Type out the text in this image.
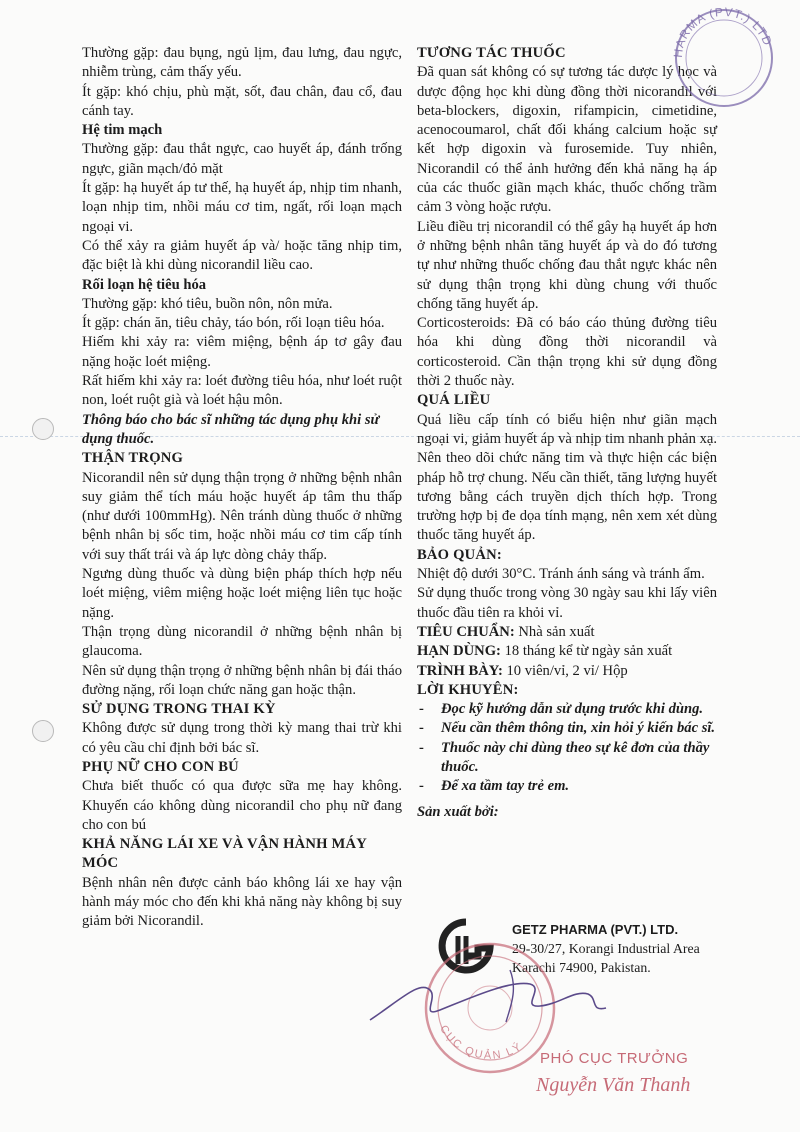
Thường gặp: đau bụng, ngủ lịm, đau lưng, đau ngực, nhiễm trùng, cảm thấy yếu.

Ít gặp: khó chịu, phù mặt, sốt, đau chân, đau cổ, đau cánh tay.

Hệ tim mạch

Thường gặp: đau thắt ngực, cao huyết áp, đánh trống ngực, giãn mạch/đỏ mặt

Ít gặp: hạ huyết áp tư thế, hạ huyết áp, nhịp tim nhanh, loạn nhịp tim, nhồi máu cơ tim, ngất, rối loạn mạch ngoại vi.

Có thể xảy ra giảm huyết áp và/ hoặc tăng nhịp tim, đặc biệt là khi dùng nicorandil liều cao.

Rối loạn hệ tiêu hóa

Thường gặp: khó tiêu, buồn nôn, nôn mửa.

Ít gặp: chán ăn, tiêu chảy, táo bón, rối loạn tiêu hóa.

Hiếm khi xảy ra: viêm miệng, bệnh áp tơ gây đau nặng hoặc loét miệng.

Rất hiếm khi xảy ra: loét đường tiêu hóa, như loét ruột non, loét ruột già và loét hậu môn.

Thông báo cho bác sĩ những tác dụng phụ khi sử dụng thuốc.

THẬN TRỌNG

Nicorandil nên sử dụng thận trọng ở những bệnh nhân suy giảm thể tích máu hoặc huyết áp tâm thu thấp (như dưới 100mmHg). Nên tránh dùng thuốc ở những bệnh nhân bị sốc tim, hoặc nhồi máu cơ tim cấp tính với suy thất trái và áp lực dòng chảy thấp.

Ngưng dùng thuốc và dùng biện pháp thích hợp nếu loét miệng, viêm miệng hoặc loét miệng liên tục hoặc nặng.

Thận trọng dùng nicorandil ở những bệnh nhân bị glaucoma.

Nên sử dụng thận trọng ở những bệnh nhân bị đái tháo đường nặng, rối loạn chức năng gan hoặc thận.

SỬ DỤNG TRONG THAI KỲ

Không được sử dụng trong thời kỳ mang thai trừ khi có yêu cầu chỉ định bởi bác sĩ.

PHỤ NỮ CHO CON BÚ

Chưa biết thuốc có qua được sữa mẹ hay không. Khuyến cáo không dùng nicorandil cho phụ nữ đang cho con bú

KHẢ NĂNG LÁI XE VÀ VẬN HÀNH MÁY MÓC

Bệnh nhân nên được cảnh báo không lái xe hay vận hành máy móc cho đến khi khả năng này không bị suy giảm bởi Nicorandil.

TƯƠNG TÁC THUỐC

Đã quan sát không có sự tương tác dược lý học và dược động học khi dùng đồng thời nicorandil với beta-blockers, digoxin, rifampicin, cimetidine, acenocoumarol, chất đối kháng calcium hoặc sự kết hợp digoxin và furosemide. Tuy nhiên, Nicorandil có thể ảnh hưởng đến khả năng hạ áp của các thuốc giãn mạch khác, thuốc chống trầm cảm 3 vòng hoặc rượu.

Liều điều trị nicorandil có thể gây hạ huyết áp hơn ở những bệnh nhân tăng huyết áp và do đó tương tự như những thuốc chống đau thắt ngực khác nên sử dụng thận trọng khi dùng chung với thuốc chống tăng huyết áp.

Corticosteroids: Đã có báo cáo thủng đường tiêu hóa khi dùng đồng thời nicorandil và corticosteroid. Cần thận trọng khi sử dụng đồng thời 2 thuốc này.

QUÁ LIỀU

Quá liều cấp tính có biểu hiện như giãn mạch ngoại vi, giảm huyết áp và nhịp tim nhanh phản xạ. Nên theo dõi chức năng tim và thực hiện các biện pháp hỗ trợ chung. Nếu cần thiết, tăng lượng huyết tương bằng cách truyền dịch thích hợp. Trong trường hợp bị đe dọa tính mạng, nên xem xét dùng thuốc tăng huyết áp.

BẢO QUẢN:

Nhiệt độ dưới 30°C. Tránh ánh sáng và tránh ẩm.

Sử dụng thuốc trong vòng 30 ngày sau khi lấy viên thuốc đầu tiên ra khỏi vỉ.

TIÊU CHUẨN: Nhà sản xuất

HẠN DÙNG: 18 tháng kể từ ngày sản xuất

TRÌNH BÀY: 10 viên/vỉ, 2 vỉ/ Hộp

LỜI KHUYÊN:

- Đọc kỹ hướng dẫn sử dụng trước khi dùng.
- Nếu cần thêm thông tin, xin hỏi ý kiến bác sĩ.
- Thuốc này chỉ dùng theo sự kê đơn của thầy thuốc.
- Để xa tầm tay trẻ em.

Sản xuất bởi:

GETZ PHARMA (PVT.) LTD.
29-30/27, Korangi Industrial Area
Karachi 74900, Pakistan.
HARMA (PVT.) LTD
CỤC QUẢN LÝ
PHÓ CỤC TRƯỞNG
Nguyễn Văn Thanh
